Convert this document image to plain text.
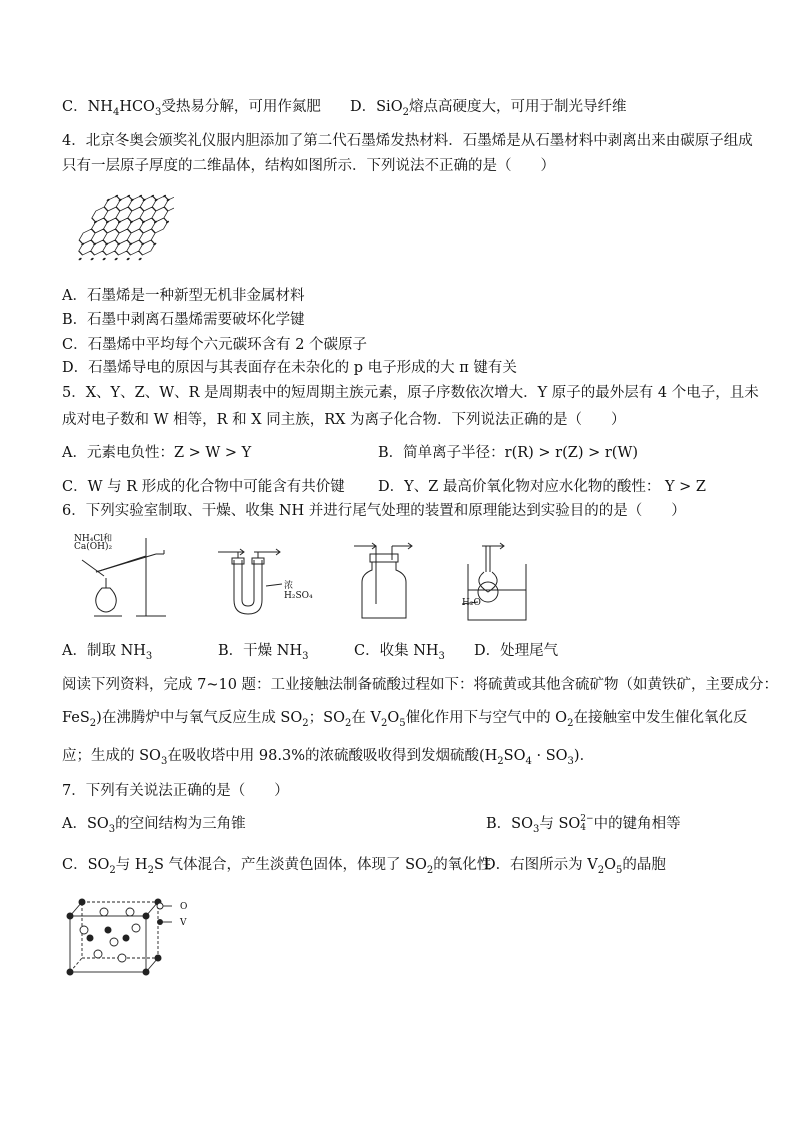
C．$NH_4HCO_3$受热易分解，可用作氮肥 D．SiO$_2$熔点高硬度大，可用于制光导纤维
4．北京冬奥会颁奖礼仪服内胆添加了第二代石墨烯发热材料．石墨烯是从石墨材料中剥离出来由碳原子组成
只有一层原子厚度的二维晶体，结构如图所示．下列说法不正确的是（　　）
A．石墨烯是一种新型无机非金属材料
B．石墨中剥离石墨烯需要破坏化学键
C．石墨烯中平均每个六元碳环含有 2 个碳原子
D．石墨烯导电的原因与其表面存在未杂化的 p 电子形成的大 π 键有关
5．X、Y、Z、W、R 是周期表中的短周期主族元素，原子序数依次增大．Y 原子的最外层有 4 个电子，且未
成对电子数和 W 相等，R 和 X 同主族，RX 为离子化合物．下列说法正确的是（　　）
A．元素电负性：Z > W > Y	B．简单离子半径：r(R) > r(Z) > r(W)
C．W 与 R 形成的化合物中可能含有共价键 D．Y、Z 最高价氧化物对应水化物的酸性： Y > Z
6．下列实验室制取、干燥、收集 NH 并进行尾气处理的装置和原理能达到实验目的的是（　　）
NH₄Cl和
Ca(OH)₂
浓H₂SO₄
H₂O
A．制取 $NH_3$	B．干燥 $NH_3$	C．收集 $NH_3$ D．处理尾气
阅读下列资料，完成 7~10 题：工业接触法制备硫酸过程如下：将硫黄或其他含硫矿物（如黄铁矿，主要成分：
FeS$_2$)在沸腾炉中与氧气反应生成 $SO_2$；$SO_2$在 $V_2O_5$催化作用下与空气中的 $O_2$在接触室中发生催化氧化反
应；生成的 $SO_3$在吸收塔中用 98.3%的浓硫酸吸收得到发烟硫酸$(H_2SO_4 \cdot SO_3)$．
7．下列有关说法正确的是（　　）
A．$SO_3$的空间结构为三角锥	B．$SO_3$与 SO 2−
4 中的键角相等
C．$SO_2$与 $H_2S$ 气体混合，产生淡黄色固体，体现了 $SO_2$的氧化性
D．右图所示为 $V_2O_5$的晶胞
O
V
